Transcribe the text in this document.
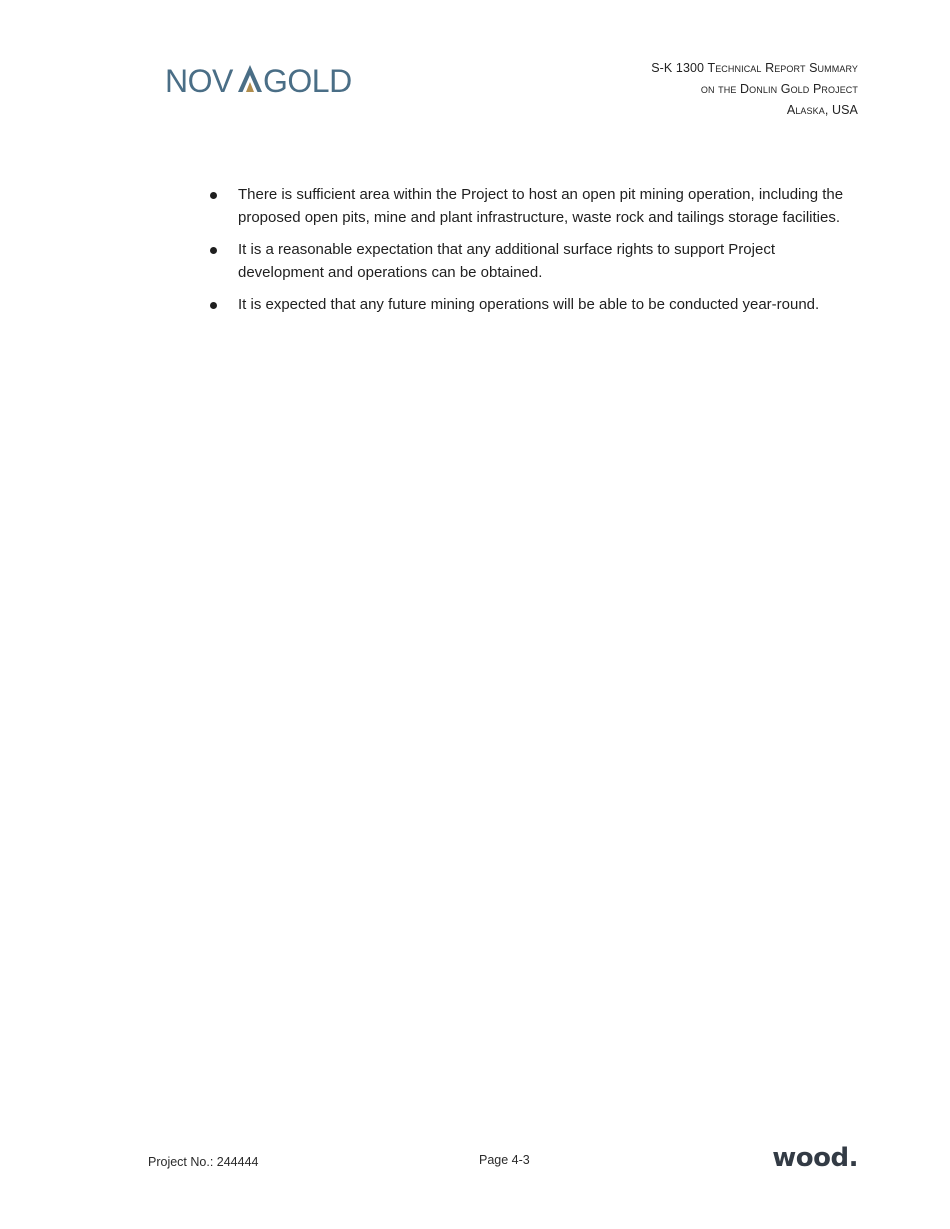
NOV GOLD	S-K 1300 Technical Report Summary
on the Donlin Gold Project
Alaska, USA
There is sufficient area within the Project to host an open pit mining operation, including the proposed open pits, mine and plant infrastructure, waste rock and tailings storage facilities.
It is a reasonable expectation that any additional surface rights to support Project development and operations can be obtained.
It is expected that any future mining operations will be able to be conducted year-round.
Project No.: 244444	Page 4-3	wood.
